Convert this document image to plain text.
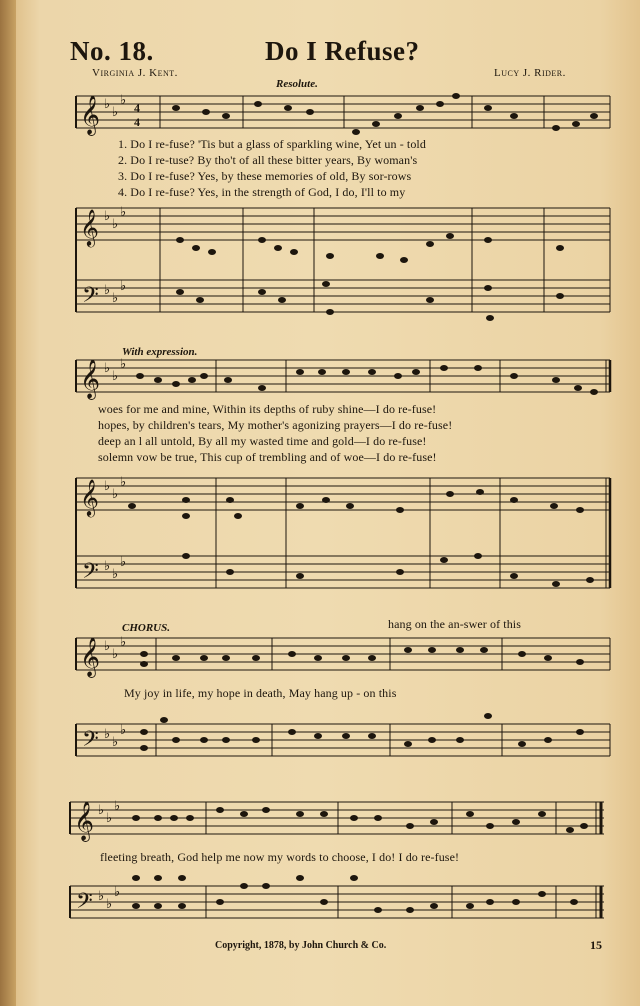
No. 18.	Do I Refuse?
Virginia J. Kent.	Lucy J. Rider.
Resolute.
𝄞 ♭
♭
♭
4
4
1. Do I re-fuse? 'Tis but a glass of sparkling wine, Yet un - told
2. Do I re-tuse? By tho't of all these bitter years, By woman's
3. Do I re-fuse? Yes, by these memories of old, By sor-rows
4. Do I re-fuse? Yes, in the strength of God, I do, I'll to my
𝄞
𝄢
♭
♭
♭
♭
♭
♭
With expression.
𝄞 ♭
♭
♭
woes for me and mine, Within its depths of ruby shine—I do re-fuse!
hopes, by children's tears, My mother's agonizing prayers—I do re-fuse!
deep an l all untold, By all my wasted time and gold—I do re-fuse!
solemn vow be true, This cup of trembling and of woe—I do re-fuse!
𝄞
𝄢
♭
♭
♭
♭
♭
♭
CHORUS.	hang on the an-swer of this
𝄞 ♭
♭
♭
My joy in life, my hope in death, May hang up - on this
𝄢 ♭
♭
♭
𝄞 ♭
♭
♭
fleeting breath, God help me now my words to choose, I do! I do re-fuse!
𝄢 ♭
♭
♭
Copyright, 1878, by John Church & Co.	15
